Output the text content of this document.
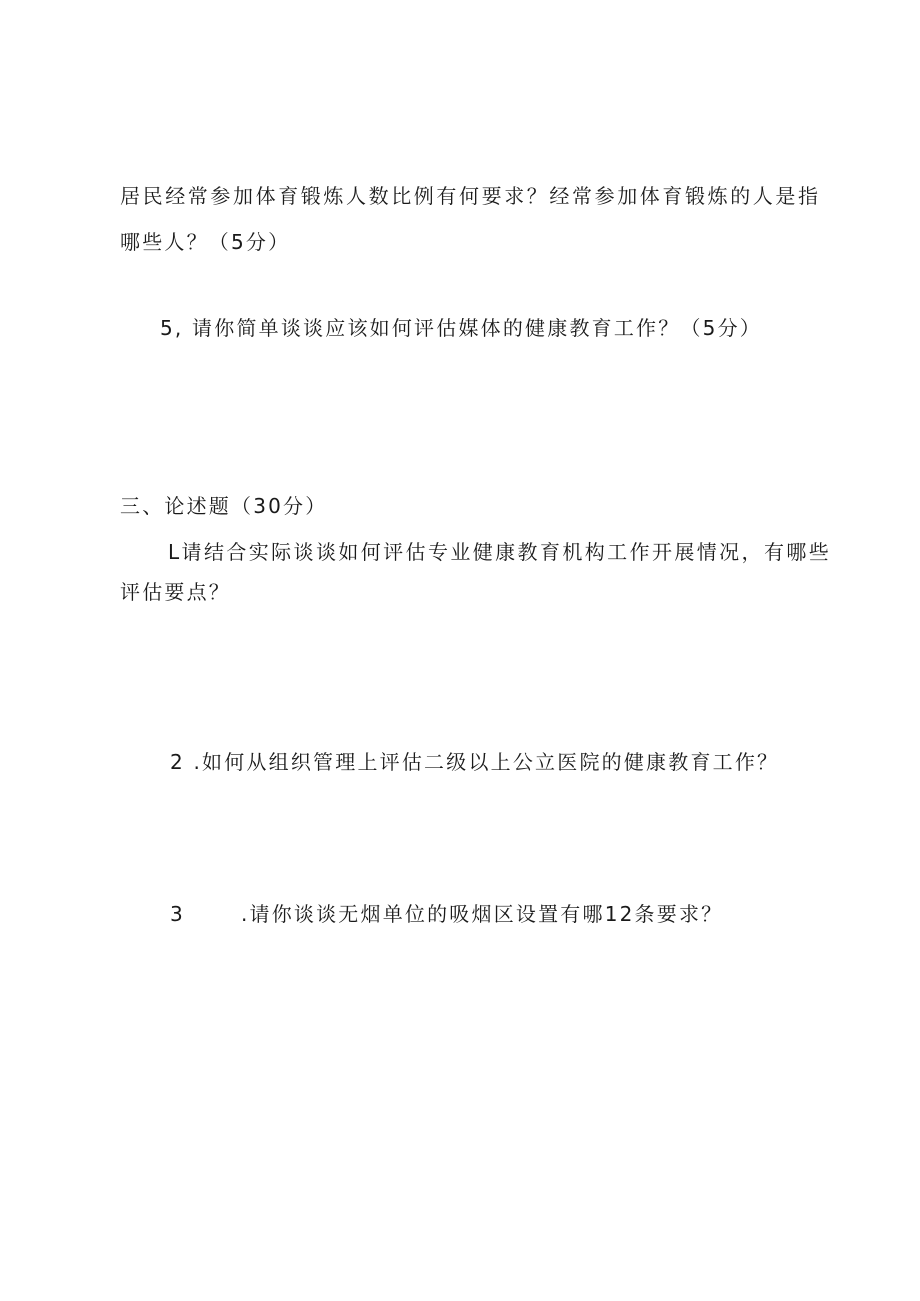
居民经常参加体育锻炼人数比例有何要求？经常参加体育锻炼的人是指
哪些人？（5分）
5, 请你简单谈谈应该如何评估媒体的健康教育工作？（5分）
三、论述题（30分）
L请结合实际谈谈如何评估专业健康教育机构工作开展情况，有哪些
评估要点？
2 .如何从组织管理上评估二级以上公立医院的健康教育工作？
3	.请你谈谈无烟单位的吸烟区设置有哪12条要求？
